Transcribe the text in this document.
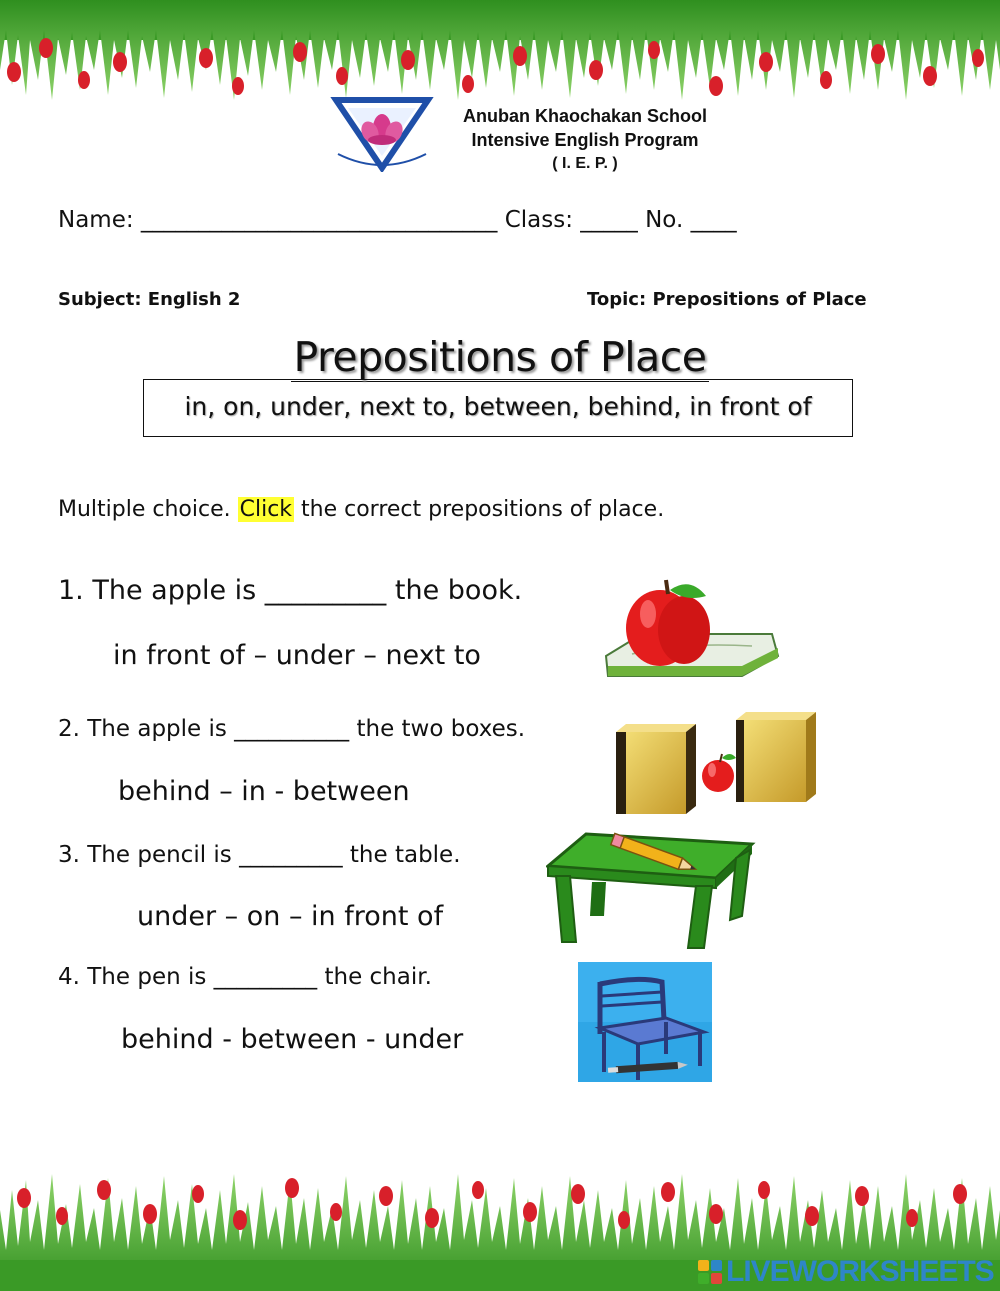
Anuban Khaochakan School
Intensive English Program
( I. E. P. )
Name: _______________________________ Class: _____ No. ____
Subject: English 2	Topic: Prepositions of Place
Prepositions of Place
in, on, under, next to, between, behind, in front of
Multiple choice. Click the correct prepositions of place.
1. The apple is _________ the book.
in front of – under – next to
2. The apple is __________ the two boxes.
behind – in - between
3. The pencil is _________ the table.
under – on – in front of
4. The pen is _________ the chair.
behind - between - under
LIVEWORKSHEETS
